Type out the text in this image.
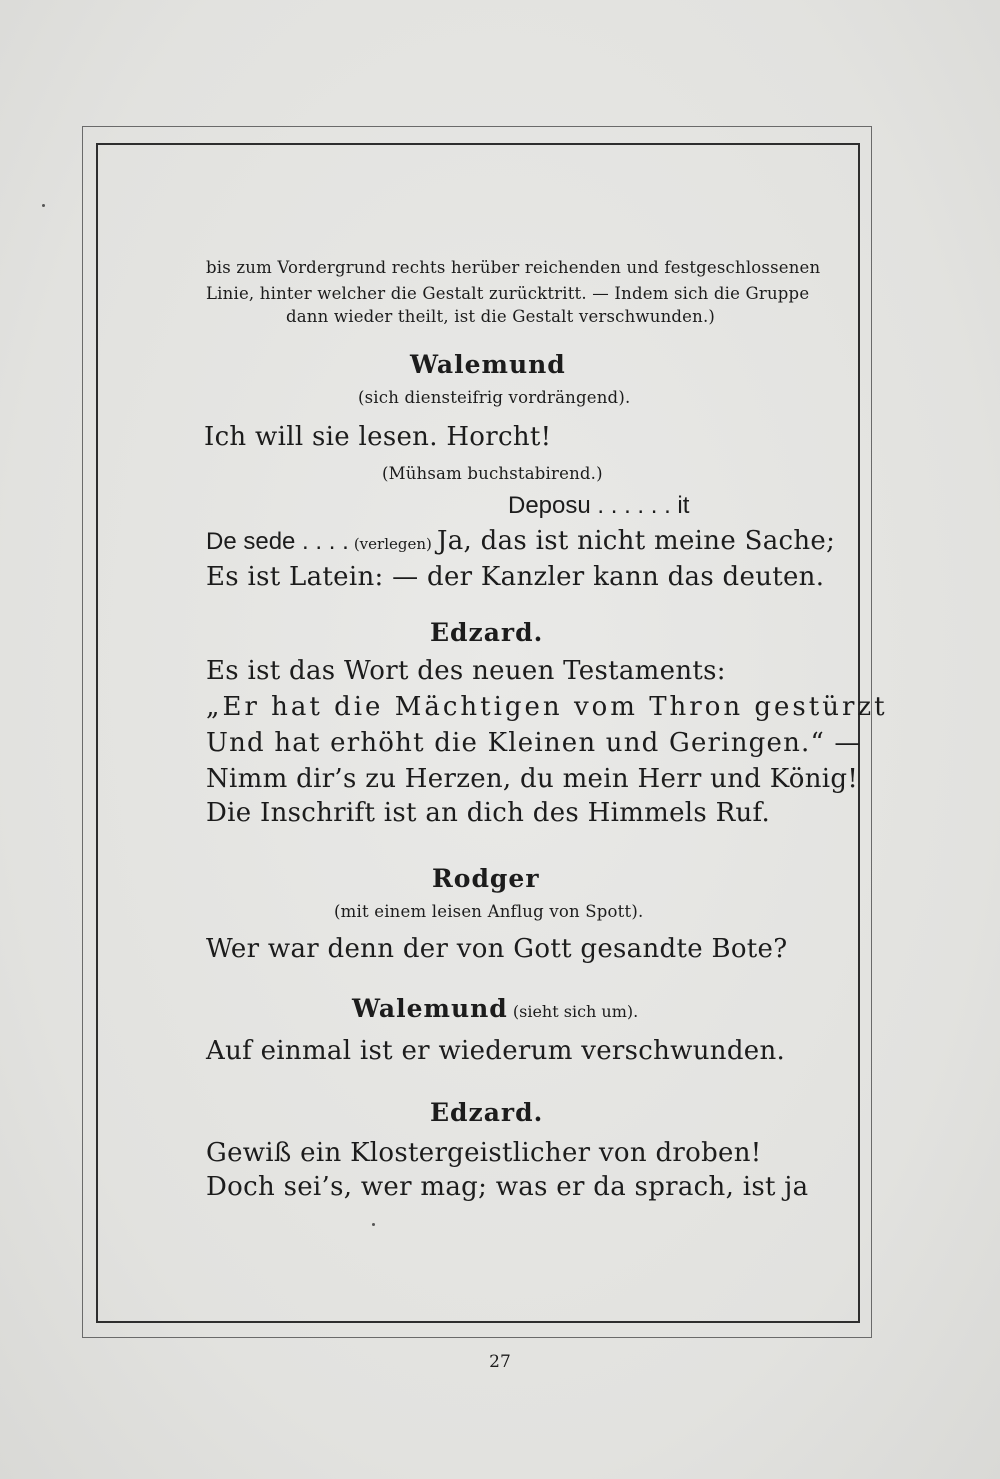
bis zum Vordergrund rechts herüber reichenden und festgeschlossenen
Linie, hinter welcher die Gestalt zurücktritt. — Indem sich die Gruppe
dann wieder theilt, ist die Gestalt verschwunden.)
Walemund
(sich diensteifrig vordrängend).
Ich will sie lesen. Horcht!
(Mühsam buchstabirend.)
Deposu . . . . . . it
De sede . . . . (verlegen) Ja, das ist nicht meine Sache;
Es ist Latein: — der Kanzler kann das deuten.
Edzard.
Es ist das Wort des neuen Testaments:
„Er hat die Mächtigen vom Thron gestürzt
Und hat erhöht die Kleinen und Geringen.“ —
Nimm dir’s zu Herzen, du mein Herr und König!
Die Inschrift ist an dich des Himmels Ruf.
Rodger
(mit einem leisen Anflug von Spott).
Wer war denn der von Gott gesandte Bote?
Walemund (sieht sich um).
Auf einmal ist er wiederum verschwunden.
Edzard.
Gewiß ein Klostergeistlicher von droben!
Doch sei’s, wer mag; was er da sprach, ist ja
27
